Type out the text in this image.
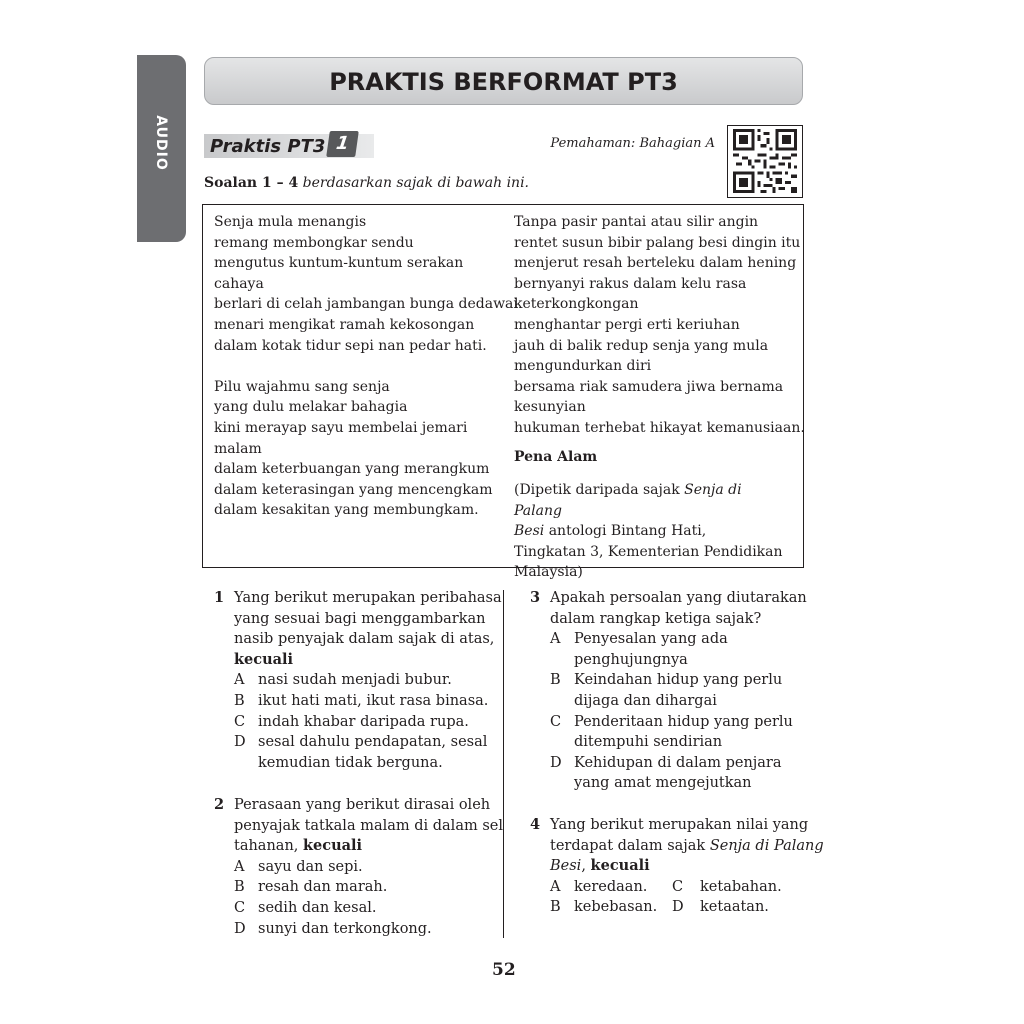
AUDIO
PRAKTIS BERFORMAT PT3
Praktis PT3 1	Pemahaman: Bahagian A
Soalan 1 – 4 berdasarkan sajak di bawah ini.
Senja mula menangis
remang membongkar sendu
mengutus kuntum-kuntum serakan
cahaya
berlari di celah jambangan bunga dedawai
menari mengikat ramah kekosongan
dalam kotak tidur sepi nan pedar hati.
Pilu wajahmu sang senja
yang dulu melakar bahagia
kini merayap sayu membelai jemari
malam
dalam keterbuangan yang merangkum
dalam keterasingan yang mencengkam
dalam kesakitan yang membungkam.
Tanpa pasir pantai atau silir angin
rentet susun bibir palang besi dingin itu
menjerut resah berteleku dalam hening
bernyanyi rakus dalam kelu rasa
keterkongkongan
menghantar pergi erti keriuhan
jauh di balik redup senja yang mula
mengundurkan diri
bersama riak samudera jiwa bernama
kesunyian
hukuman terhebat hikayat kemanusiaan.
Pena Alam
(Dipetik daripada sajak Senja di Palang
Besi antologi Bintang Hati,
Tingkatan 3, Kementerian Pendidikan
Malaysia)
1 Yang berikut merupakan peribahasa
yang sesuai bagi menggambarkan
nasib penyajak dalam sajak di atas,
kecuali
A nasi sudah menjadi bubur.
B ikut hati mati, ikut rasa binasa.
C indah khabar daripada rupa.
D sesal dahulu pendapatan, sesal
kemudian tidak berguna.
2 Perasaan yang berikut dirasai oleh
penyajak tatkala malam di dalam sel
tahanan, kecuali
A sayu dan sepi.
B resah dan marah.
C sedih dan kesal.
D sunyi dan terkongkong.
3 Apakah persoalan yang diutarakan
dalam rangkap ketiga sajak?
A Penyesalan yang ada
penghujungnya
B Keindahan hidup yang perlu
dijaga dan dihargai
C Penderitaan hidup yang perlu
ditempuhi sendirian
D Kehidupan di dalam penjara
yang amat mengejutkan
4 Yang berikut merupakan nilai yang
terdapat dalam sajak Senja di Palang
Besi, kecuali
A keredaan. C ketabahan.
B kebebasan. D ketaatan.
52
